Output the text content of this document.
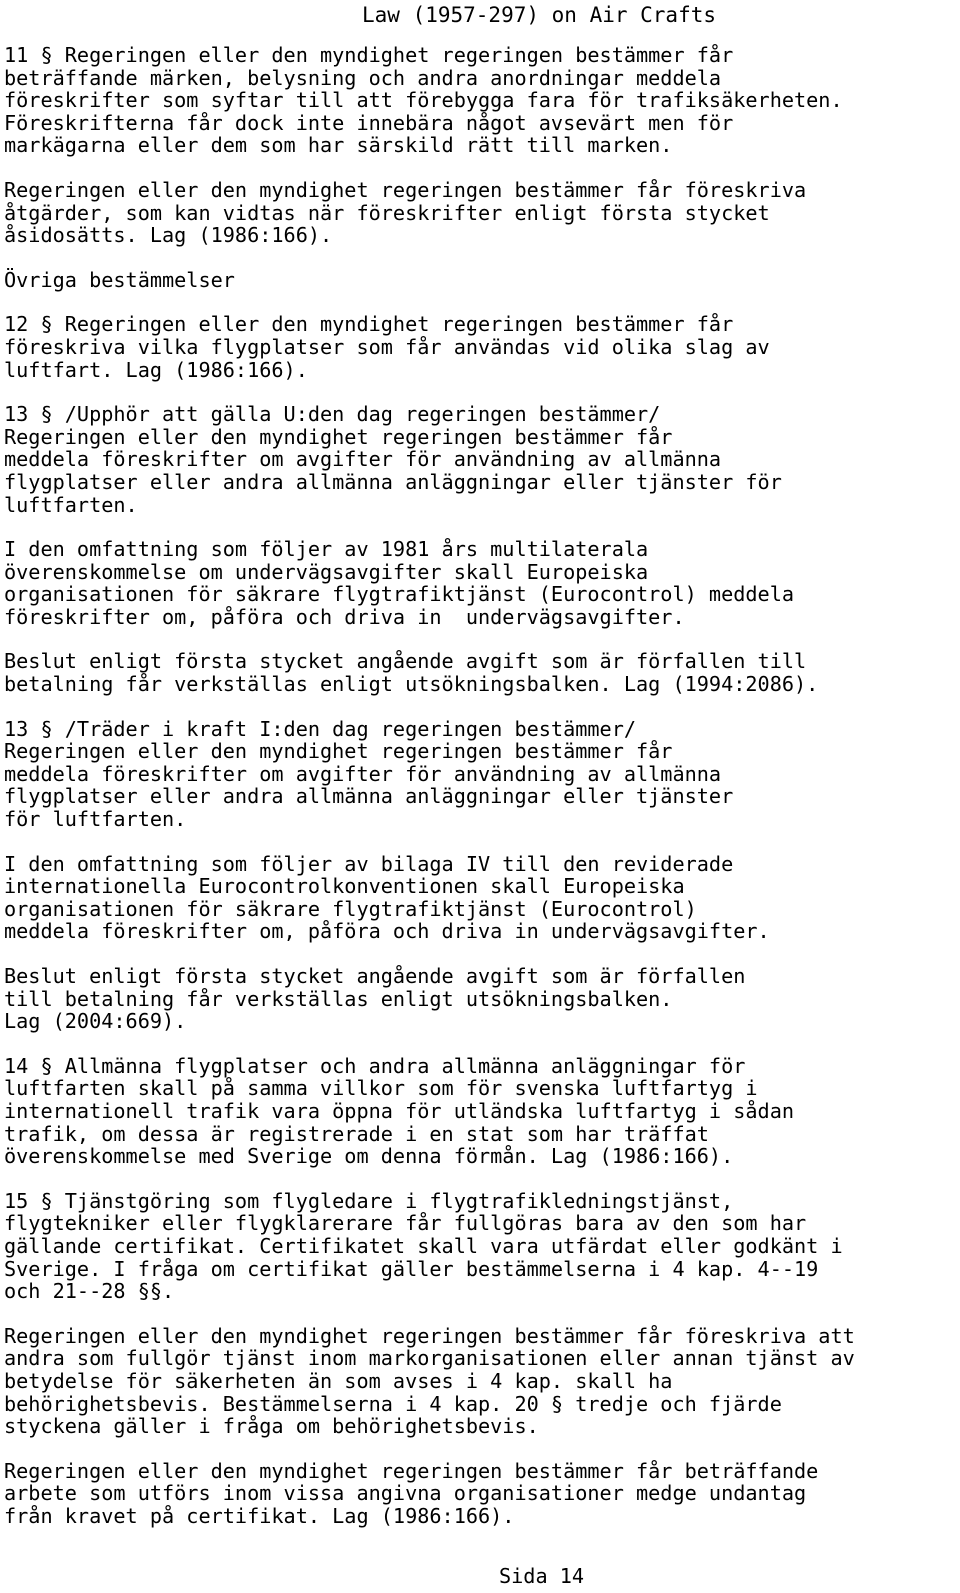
Law (1957-297) on Air Crafts

11 § Regeringen eller den myndighet regeringen bestämmer får
beträffande märken, belysning och andra anordningar meddela
föreskrifter som syftar till att förebygga fara för trafiksäkerheten.
Föreskrifterna får dock inte innebära något avsevärt men för
markägarna eller dem som har särskild rätt till marken.

Regeringen eller den myndighet regeringen bestämmer får föreskriva
åtgärder, som kan vidtas när föreskrifter enligt första stycket
åsidosätts. Lag (1986:166).

Övriga bestämmelser

12 § Regeringen eller den myndighet regeringen bestämmer får
föreskriva vilka flygplatser som får användas vid olika slag av
luftfart. Lag (1986:166).

13 § /Upphör att gälla U:den dag regeringen bestämmer/
Regeringen eller den myndighet regeringen bestämmer får
meddela föreskrifter om avgifter för användning av allmänna
flygplatser eller andra allmänna anläggningar eller tjänster för
luftfarten.

I den omfattning som följer av 1981 års multilaterala
överenskommelse om undervägsavgifter skall Europeiska
organisationen för säkrare flygtrafiktjänst (Eurocontrol) meddela
föreskrifter om, påföra och driva in  undervägsavgifter.

Beslut enligt första stycket angående avgift som är förfallen till
betalning får verkställas enligt utsökningsbalken. Lag (1994:2086).

13 § /Träder i kraft I:den dag regeringen bestämmer/
Regeringen eller den myndighet regeringen bestämmer får
meddela föreskrifter om avgifter för användning av allmänna
flygplatser eller andra allmänna anläggningar eller tjänster
för luftfarten.

I den omfattning som följer av bilaga IV till den reviderade
internationella Eurocontrolkonventionen skall Europeiska
organisationen för säkrare flygtrafiktjänst (Eurocontrol)
meddela föreskrifter om, påföra och driva in undervägsavgifter.

Beslut enligt första stycket angående avgift som är förfallen
till betalning får verkställas enligt utsökningsbalken.
Lag (2004:669).

14 § Allmänna flygplatser och andra allmänna anläggningar för
luftfarten skall på samma villkor som för svenska luftfartyg i
internationell trafik vara öppna för utländska luftfartyg i sådan
trafik, om dessa är registrerade i en stat som har träffat
överenskommelse med Sverige om denna förmån. Lag (1986:166).

15 § Tjänstgöring som flygledare i flygtrafikledningstjänst,
flygtekniker eller flygklarerare får fullgöras bara av den som har
gällande certifikat. Certifikatet skall vara utfärdat eller godkänt i
Sverige. I fråga om certifikat gäller bestämmelserna i 4 kap. 4--19
och 21--28 §§.

Regeringen eller den myndighet regeringen bestämmer får föreskriva att
andra som fullgör tjänst inom markorganisationen eller annan tjänst av
betydelse för säkerheten än som avses i 4 kap. skall ha
behörighetsbevis. Bestämmelserna i 4 kap. 20 § tredje och fjärde
styckena gäller i fråga om behörighetsbevis.

Regeringen eller den myndighet regeringen bestämmer får beträffande
arbete som utförs inom vissa angivna organisationer medge undantag
från kravet på certifikat. Lag (1986:166).

Sida 14
